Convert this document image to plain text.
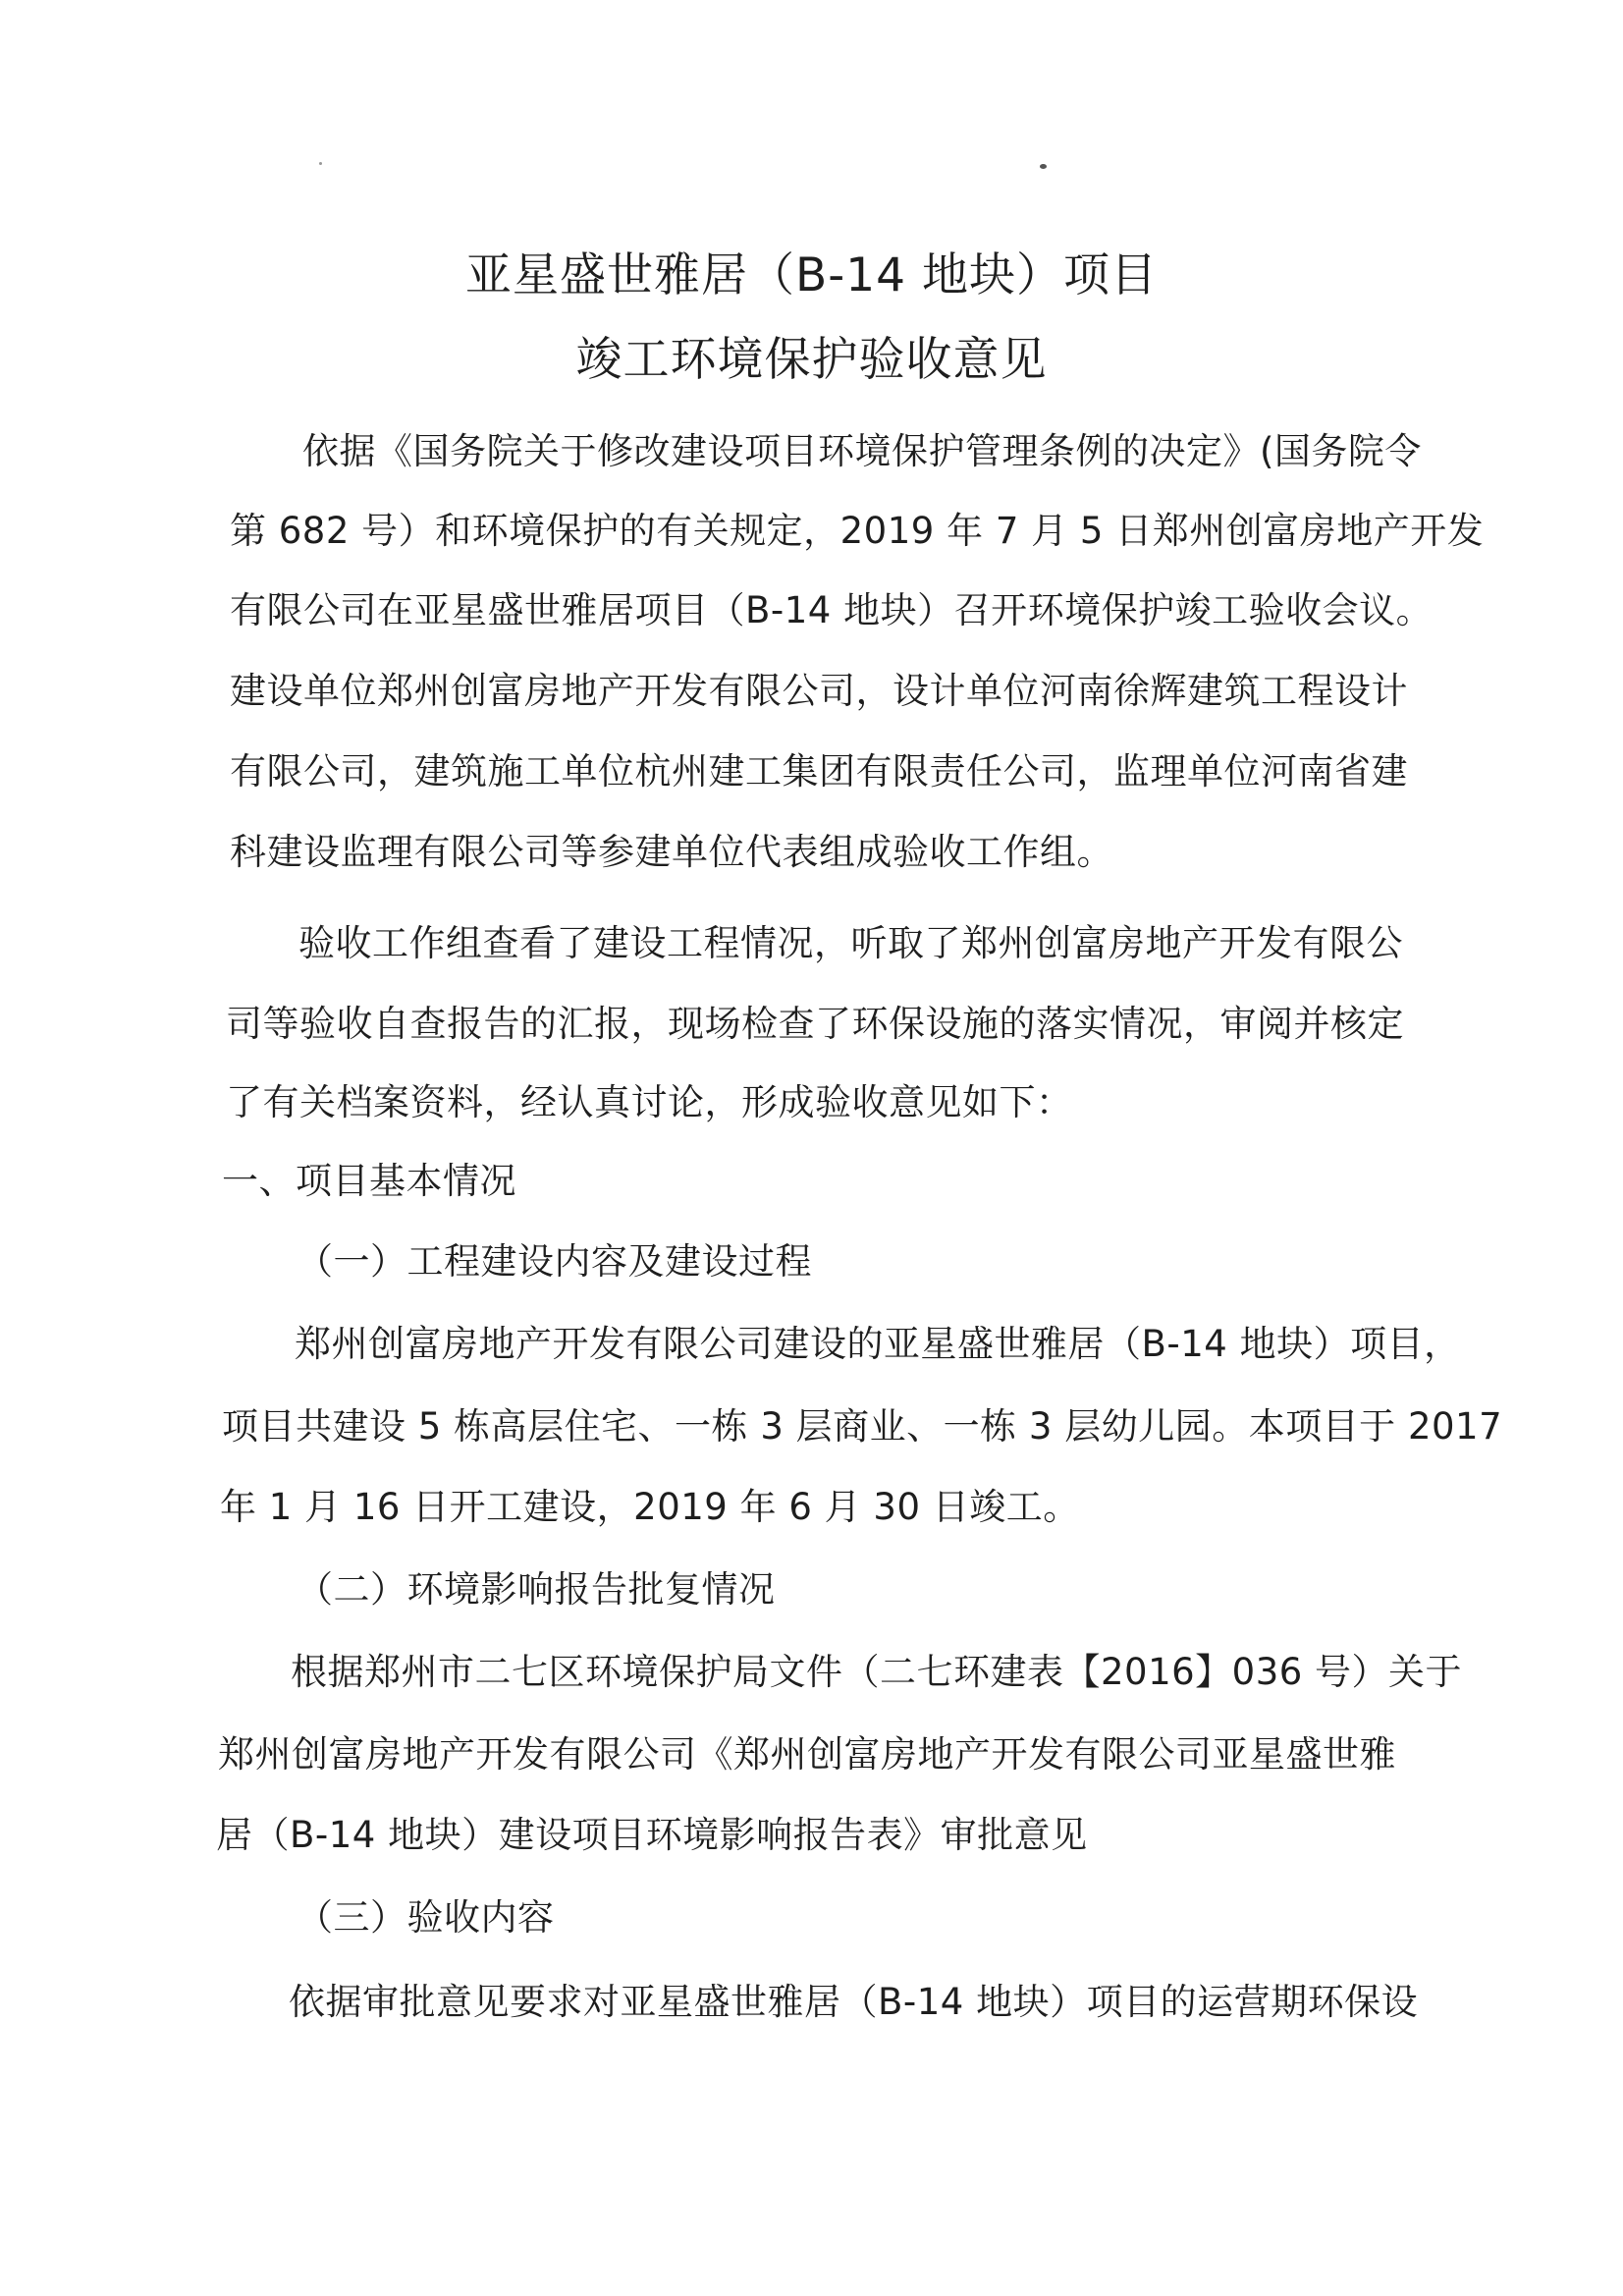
亚星盛世雅居（B-14 地块）项目
竣工环境保护验收意见
依据《国务院关于修改建设项目环境保护管理条例的决定》(国务院令
第 682 号）和环境保护的有关规定，2019 年 7 月 5 日郑州创富房地产开发
有限公司在亚星盛世雅居项目（B-14 地块）召开环境保护竣工验收会议。
建设单位郑州创富房地产开发有限公司，设计单位河南徐辉建筑工程设计
有限公司，建筑施工单位杭州建工集团有限责任公司，监理单位河南省建
科建设监理有限公司等参建单位代表组成验收工作组。
验收工作组查看了建设工程情况，听取了郑州创富房地产开发有限公
司等验收自查报告的汇报，现场检查了环保设施的落实情况，审阅并核定
了有关档案资料，经认真讨论，形成验收意见如下：
一、项目基本情况
（一）工程建设内容及建设过程
郑州创富房地产开发有限公司建设的亚星盛世雅居（B-14 地块）项目，
项目共建设 5 栋高层住宅、一栋 3 层商业、一栋 3 层幼儿园。本项目于 2017
年 1 月 16 日开工建设，2019 年 6 月 30 日竣工。
（二）环境影响报告批复情况
根据郑州市二七区环境保护局文件（二七环建表【2016】036 号）关于
郑州创富房地产开发有限公司《郑州创富房地产开发有限公司亚星盛世雅
居（B-14 地块）建设项目环境影响报告表》审批意见
（三）验收内容
依据审批意见要求对亚星盛世雅居（B-14 地块）项目的运营期环保设
